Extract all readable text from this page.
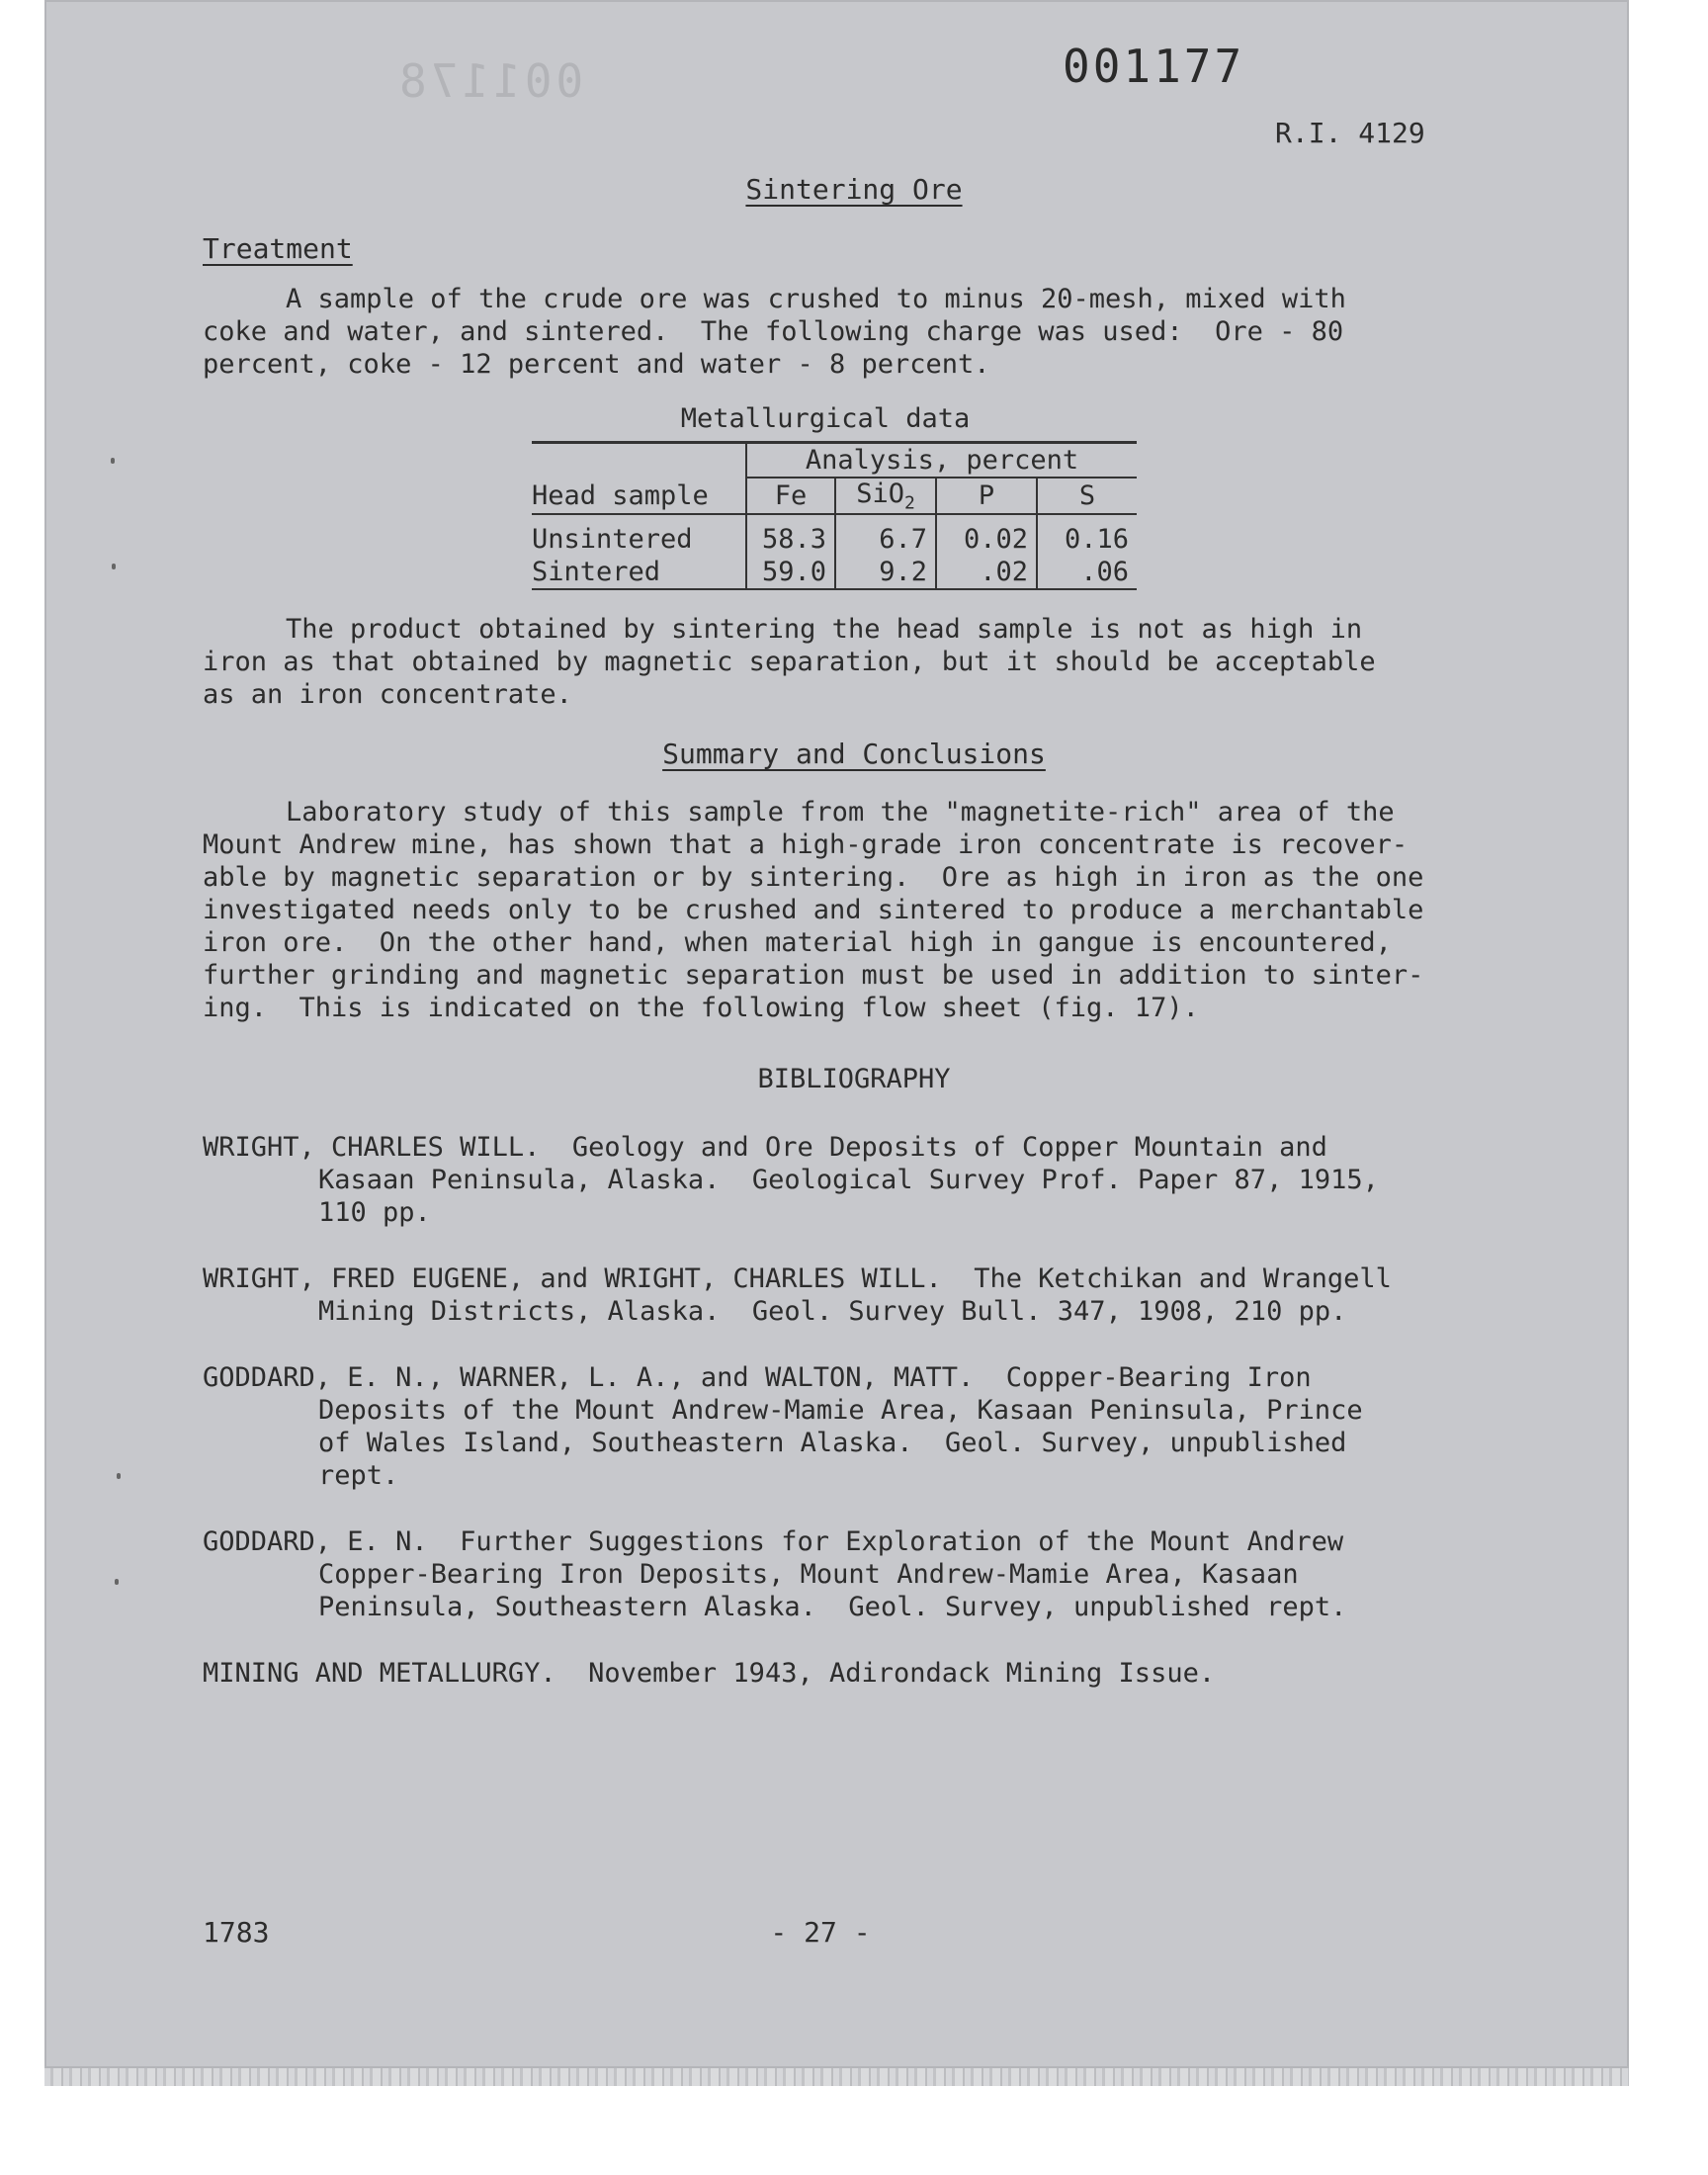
001178	001177
R.I. 4129
Sintering Ore
Treatment
A sample of the crude ore was crushed to minus 20-mesh, mixed with
coke and water, and sintered.  The following charge was used:  Ore - 80
percent, coke - 12 percent and water - 8 percent.
Metallurgical data

	Analysis, percent			
Head sample	Fe	SiO$_2$	P	S
Unsintered	58.3	6.7	0.02	0.16
Sintered	59.0	9.2	.02	.06
The product obtained by sintering the head sample is not as high in
iron as that obtained by magnetic separation, but it should be acceptable
as an iron concentrate.
Summary and Conclusions
Laboratory study of this sample from the "magnetite-rich" area of the
Mount Andrew mine, has shown that a high-grade iron concentrate is recover-
able by magnetic separation or by sintering.  Ore as high in iron as the one
investigated needs only to be crushed and sintered to produce a merchantable
iron ore.  On the other hand, when material high in gangue is encountered,
further grinding and magnetic separation must be used in addition to sinter-
ing.  This is indicated on the following flow sheet (fig. 17).
BIBLIOGRAPHY
WRIGHT, CHARLES WILL.  Geology and Ore Deposits of Copper Mountain and
Kasaan Peninsula, Alaska.  Geological Survey Prof. Paper 87, 1915,
110 pp.
WRIGHT, FRED EUGENE, and WRIGHT, CHARLES WILL.  The Ketchikan and Wrangell
Mining Districts, Alaska.  Geol. Survey Bull. 347, 1908, 210 pp.
GODDARD, E. N., WARNER, L. A., and WALTON, MATT.  Copper-Bearing Iron
Deposits of the Mount Andrew-Mamie Area, Kasaan Peninsula, Prince
of Wales Island, Southeastern Alaska.  Geol. Survey, unpublished
rept.
GODDARD, E. N.  Further Suggestions for Exploration of the Mount Andrew
Copper-Bearing Iron Deposits, Mount Andrew-Mamie Area, Kasaan
Peninsula, Southeastern Alaska.  Geol. Survey, unpublished rept.
MINING AND METALLURGY.  November 1943, Adirondack Mining Issue.
1783	- 27 -
